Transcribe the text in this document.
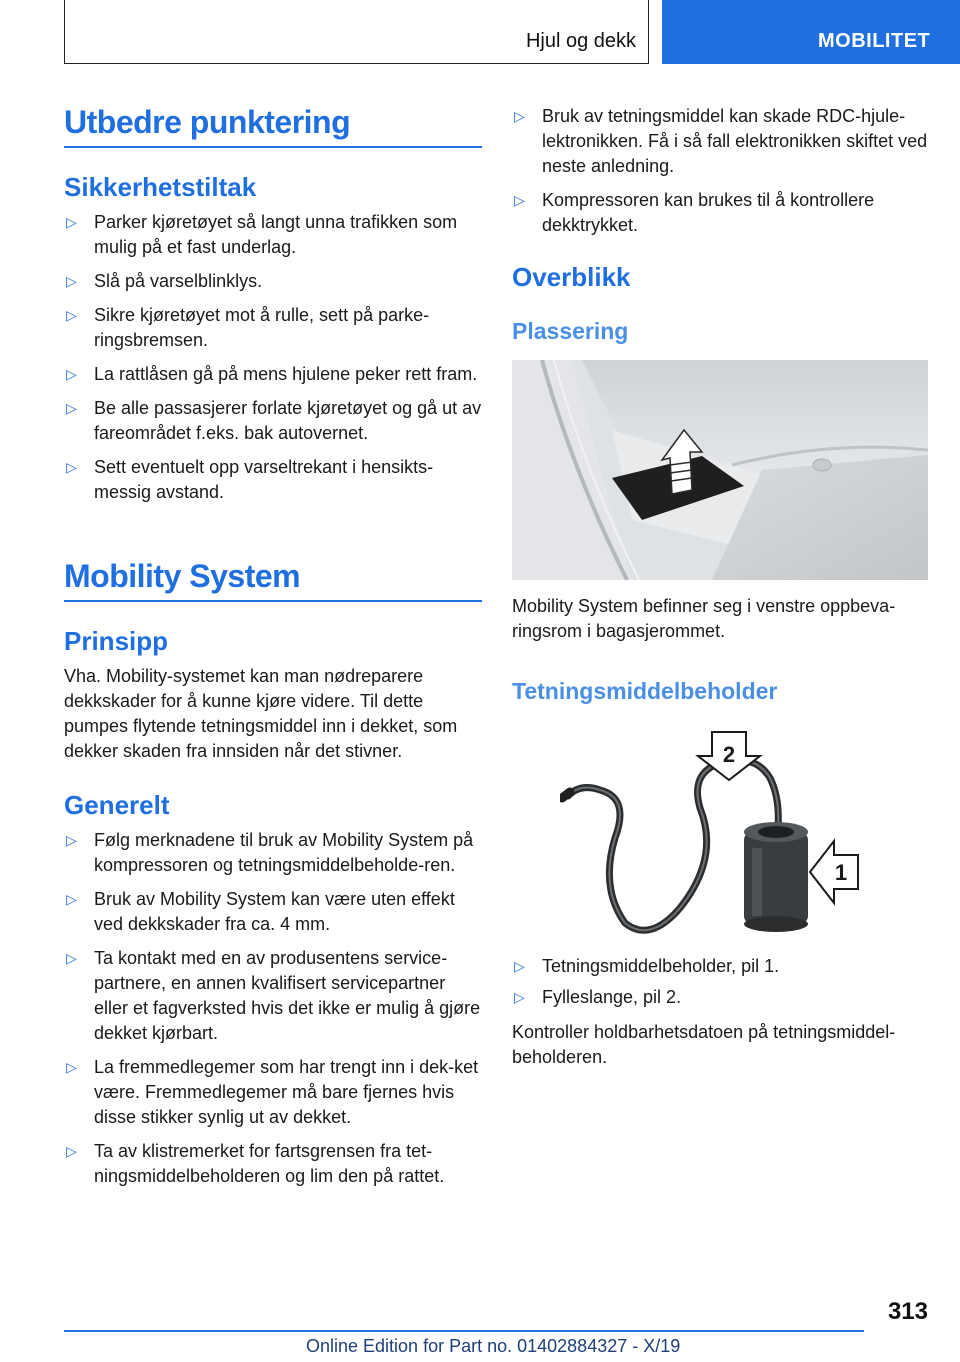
Hjul og dekk	MOBILITET
Utbedre punktering
Sikkerhetstiltak
▷ Parker kjøretøyet så langt unna trafikken som mulig på et fast underlag.
▷ Slå på varselblinklys.
▷ Sikre kjøretøyet mot å rulle, sett på parke-ringsbremsen.
▷ La rattlåsen gå på mens hjulene peker rett fram.
▷ Be alle passasjerer forlate kjøretøyet og gå ut av fareområdet f.eks. bak autovernet.
▷ Sett eventuelt opp varseltrekant i hensikts-messig avstand.
Mobility System
Prinsipp

Vha. Mobility-systemet kan man nødreparere dekkskader for å kunne kjøre videre. Til dette pumpes flytende tetningsmiddel inn i dekket, som dekker skaden fra innsiden når det stivner.

Generelt
▷ Følg merknadene til bruk av Mobility System på kompressoren og tetningsmiddelbeholde-ren.
▷ Bruk av Mobility System kan være uten effekt ved dekkskader fra ca. 4 mm.
▷ Ta kontakt med en av produsentens service-partnere, en annen kvalifisert servicepartner eller et fagverksted hvis det ikke er mulig å gjøre dekket kjørbart.
▷ La fremmedlegemer som har trengt inn i dek-ket være. Fremmedlegemer må bare fjernes hvis disse stikker synlig ut av dekket.
▷ Ta av klistremerket for fartsgrensen fra tet-ningsmiddelbeholderen og lim den på rattet.
▷ Bruk av tetningsmiddel kan skade RDC-hjule-lektronikken. Få i så fall elektronikken skiftet ved neste anledning.
▷ Kompressoren kan brukes til å kontrollere dekktrykket.
Overblikk
Plassering

Mobility System befinner seg i venstre oppbeva-ringsrom i bagasjerommet.

Tetningsmiddelbeholder
2
1
▷ Tetningsmiddelbeholder, pil 1.
▷ Fylleslange, pil 2.

Kontroller holdbarhetsdatoen på tetningsmiddel-beholderen.

313
Online Edition for Part no. 01402884327 - X/19
